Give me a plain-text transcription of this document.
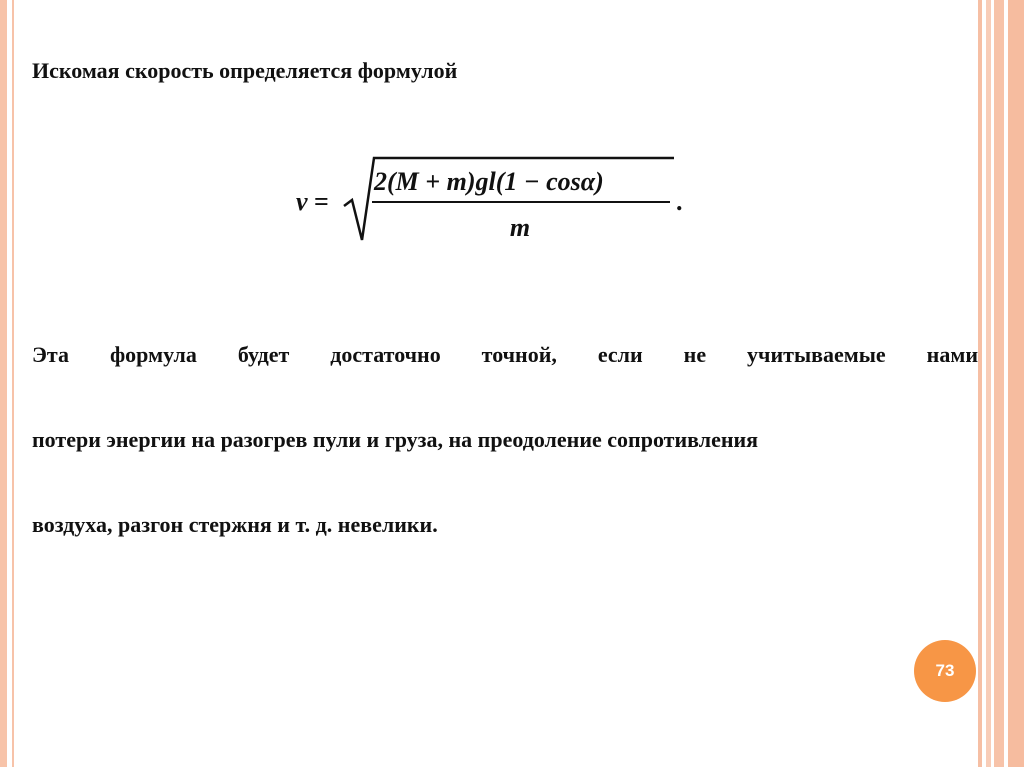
Искомая скорость определяется формулой
v =
2(M + m)gl(1 − cosα)
m
.

Эта формула будет достаточно точной, если не учитываемые нами
потери энергии на разогрев пули и груза, на преодоление сопротивления
воздуха, разгон стержня и т. д. невелики.

73
